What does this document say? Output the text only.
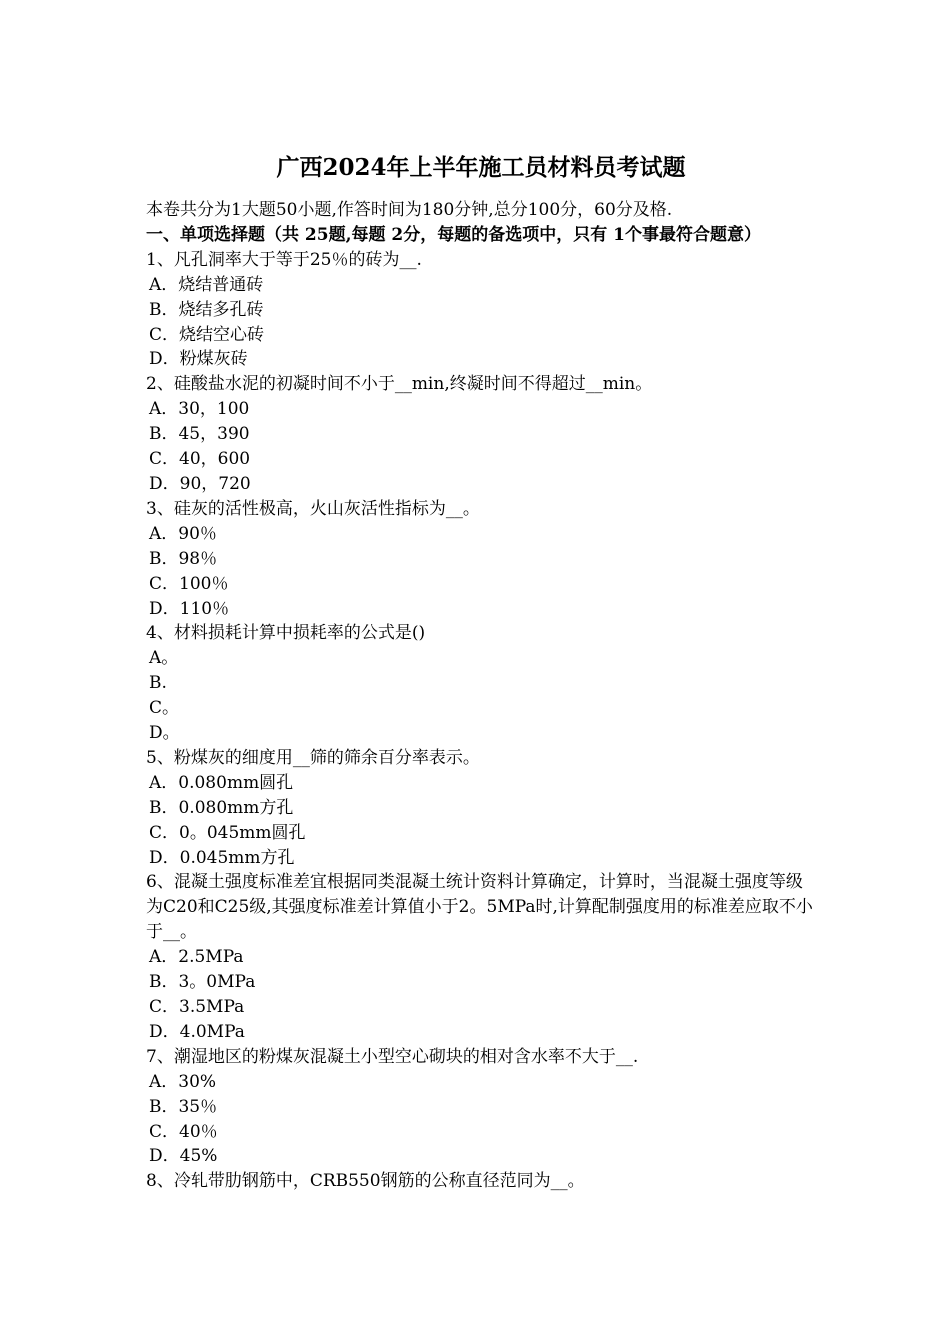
广西2024年上半年施工员材料员考试题
本卷共分为1大题50小题,作答时间为180分钟,总分100分，60分及格.
一、单项选择题（共 25题,每题 2分，每题的备选项中，只有 1个事最符合题意）
1、凡孔洞率大于等于25％的砖为__.
A．烧结普通砖
B．烧结多孔砖
C．烧结空心砖
D．粉煤灰砖
2、硅酸盐水泥的初凝时间不小于__min,终凝时间不得超过__min。
A．30，100
B．45，390
C．40，600
D．90，720
3、硅灰的活性极高，火山灰活性指标为__。
A．90％
B．98％
C．100％
D．110％
4、材料损耗计算中损耗率的公式是()
A。
B.
C。
D。
5、粉煤灰的细度用__筛的筛余百分率表示。
A．0.080mm圆孔
B．0.080mm方孔
C．0。045mm圆孔
D．0.045mm方孔
6、混凝土强度标准差宜根据同类混凝土统计资料计算确定，计算时，当混凝土强度等级为C20和C25级,其强度标准差计算值小于2。5MPa时,计算配制强度用的标准差应取不小于__。
A．2.5MPa
B．3。0MPa
C．3.5MPa
D．4.0MPa
7、潮湿地区的粉煤灰混凝土小型空心砌块的相对含水率不大于__.
A．30%
B．35％
C．40％
D．45%
8、冷轧带肋钢筋中，CRB550钢筋的公称直径范同为__。
